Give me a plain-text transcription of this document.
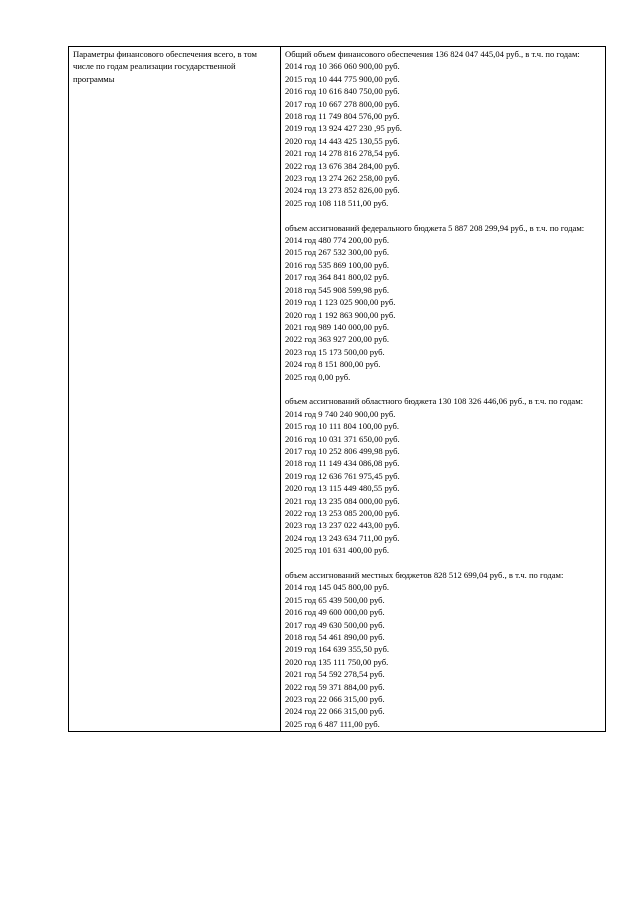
Параметры финансового обеспечения всего, в том числе по годам реализации государственной программы

Общий объем финансового обеспечения 136 824 047 445,04 руб., в т.ч. по годам:
2014 год 10 366 060 900,00 руб.
2015 год 10 444 775 900,00 руб.
2016 год 10 616 840 750,00 руб.
2017 год 10 667 278 800,00 руб.
2018 год 11 749 804 576,00 руб.
2019 год 13 924 427 230 ,95 руб.
2020 год 14 443 425 130,55 руб.
2021 год 14 278 816 278,54 руб.
2022 год 13 676 384 284,00 руб.
2023 год 13 274 262 258,00 руб.
2024 год 13 273 852 826,00 руб.
2025 год 108 118 511,00 руб.
объем ассигнований федерального бюджета 5 887 208 299,94 руб., в т.ч. по годам:
2014 год 480 774 200,00 руб.
2015 год 267 532 300,00 руб.
2016 год 535 869 100,00 руб.
2017 год 364 841 800,02 руб.
2018 год 545 908 599,98 руб.
2019 год 1 123 025 900,00 руб.
2020 год 1 192 863 900,00 руб.
2021 год 989 140 000,00 руб.
2022 год 363 927 200,00 руб.
2023 год 15 173 500,00 руб.
2024 год 8 151 800,00 руб.
2025 год 0,00 руб.
объем ассигнований областного бюджета 130 108 326 446,06 руб., в т.ч. по годам:
2014 год 9 740 240 900,00 руб.
2015 год 10 111 804 100,00 руб.
2016 год 10 031 371 650,00 руб.
2017 год 10 252 806 499,98 руб.
2018 год 11 149 434 086,08 руб.
2019 год 12 636 761 975,45 руб.
2020 год 13 115 449 480,55 руб.
2021 год 13 235 084 000,00 руб.
2022 год 13 253 085 200,00 руб.
2023 год 13 237 022 443,00 руб.
2024 год 13 243 634 711,00 руб.
2025 год 101 631 400,00 руб.
объем ассигнований местных бюджетов 828 512 699,04 руб., в т.ч. по годам:
2014 год 145 045 800,00 руб.
2015 год 65 439 500,00 руб.
2016 год 49 600 000,00 руб.
2017 год 49 630 500,00 руб.
2018 год 54 461 890,00 руб.
2019 год 164 639 355,50 руб.
2020 год 135 111 750,00 руб.
2021 год 54 592 278,54 руб.
2022 год 59 371 884,00 руб.
2023 год 22 066 315,00 руб.
2024 год 22 066 315,00 руб.
2025 год 6 487 111,00 руб.
